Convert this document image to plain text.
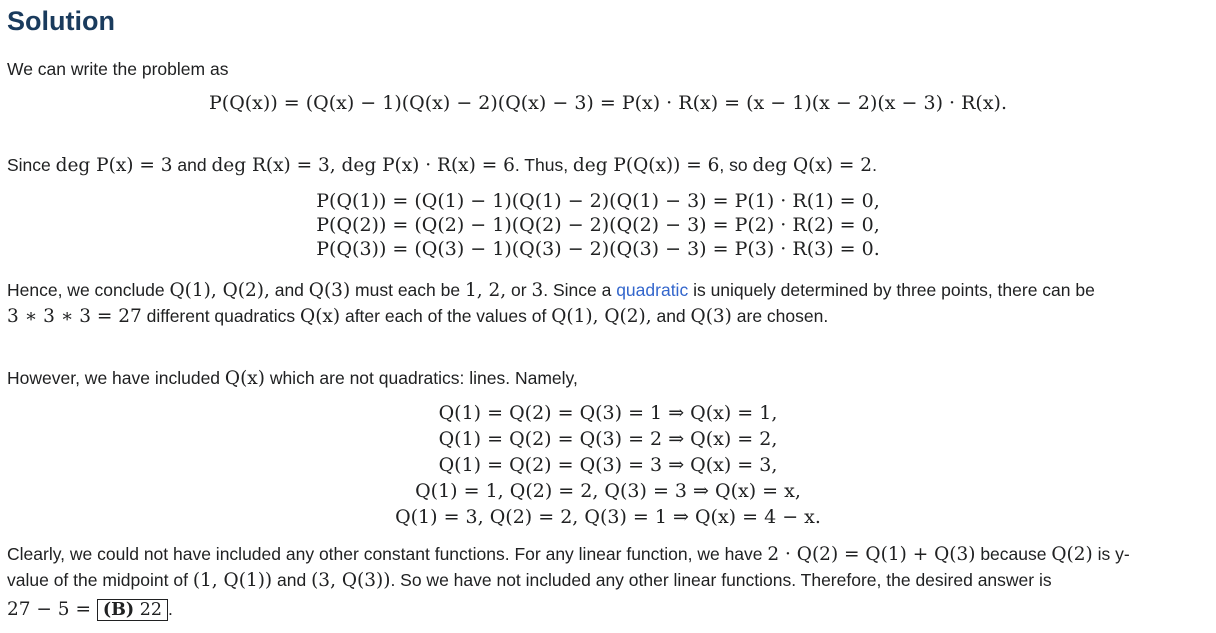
Solution
We can write the problem as
P(Q(x)) = (Q(x) − 1)(Q(x) − 2)(Q(x) − 3) = P(x) · R(x) = (x − 1)(x − 2)(x − 3) · R(x).
Since deg P(x) = 3 and deg R(x) = 3, deg P(x) · R(x) = 6. Thus, deg P(Q(x)) = 6, so deg Q(x) = 2.
P(Q(1)) = (Q(1) − 1)(Q(1) − 2)(Q(1) − 3) = P(1) · R(1) = 0,
P(Q(2)) = (Q(2) − 1)(Q(2) − 2)(Q(2) − 3) = P(2) · R(2) = 0,
P(Q(3)) = (Q(3) − 1)(Q(3) − 2)(Q(3) − 3) = P(3) · R(3) = 0.
Hence, we conclude Q(1), Q(2), and Q(3) must each be 1, 2, or 3. Since a quadratic is uniquely determined by three points, there can be
3 ∗ 3 ∗ 3 = 27 different quadratics Q(x) after each of the values of Q(1), Q(2), and Q(3) are chosen.
However, we have included Q(x) which are not quadratics: lines. Namely,
Q(1) = Q(2) = Q(3) = 1 ⇒ Q(x) = 1,
Q(1) = Q(2) = Q(3) = 2 ⇒ Q(x) = 2,
Q(1) = Q(2) = Q(3) = 3 ⇒ Q(x) = 3,
Q(1) = 1, Q(2) = 2, Q(3) = 3 ⇒ Q(x) = x,
Q(1) = 3, Q(2) = 2, Q(3) = 1 ⇒ Q(x) = 4 − x.
Clearly, we could not have included any other constant functions. For any linear function, we have 2 · Q(2) = Q(1) + Q(3) because Q(2) is y-
value of the midpoint of (1, Q(1)) and (3, Q(3)). So we have not included any other linear functions. Therefore, the desired answer is
27 − 5 = (B) 22 .
